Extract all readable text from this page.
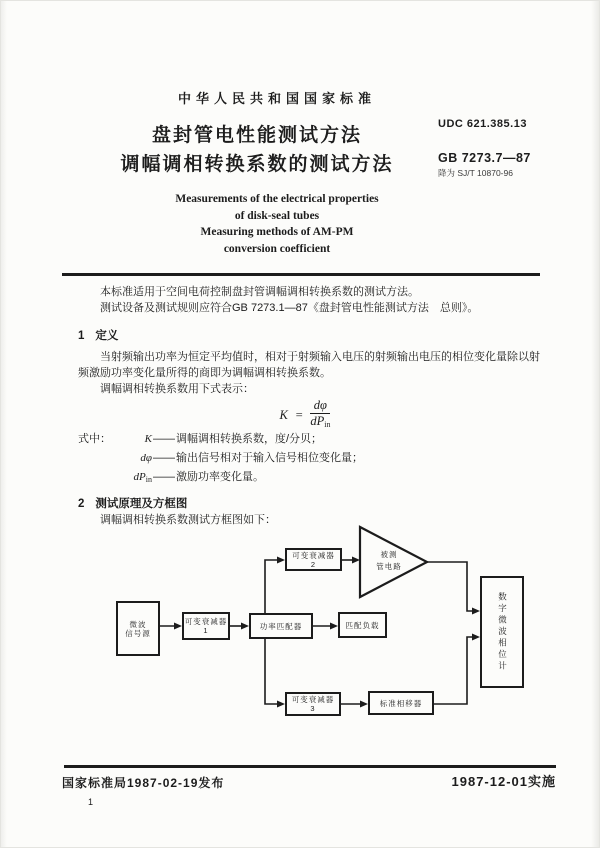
中华人民共和国国家标准
盘封管电性能测试方法
调幅调相转换系数的测试方法
Measurements of the electrical properties
of disk-seal tubes
Measuring methods of AM-PM
conversion coefficient
UDC 621.385.13
GB 7273.7—87
降为 SJ/T 10870-96

本标准适用于空间电荷控制盘封管调幅调相转换系数的测试方法。

测试设备及测试规则应符合GB 7273.1—87《盘封管电性能测试方法　总则》。

1 定义

当射频输出功率为恒定平均值时，相对于射频输入电压的射频输出电压的相位变化量除以射频激励功率变化量所得的商即为调幅调相转换系数。

调幅调相转换系数用下式表示：

$K = \frac{d\varphi}{\text{dPin}}$
式中：	K —— 调幅调相转换系数，度/分贝；
dφ —— 输出信号相对于输入信号相位变化量；
dPin —— 激励功率变化量。
2 测试原理及方框图

调幅调相转换系数测试方框图如下：

微波
信号源
可变衰减器
1	功率匹配器	匹配负载
可变衰减器
2
被测
管电路
数字微波相位计
可变衰减器
3
标准相移器
国家标准局1987-02-19发布	1987-12-01实施
1
